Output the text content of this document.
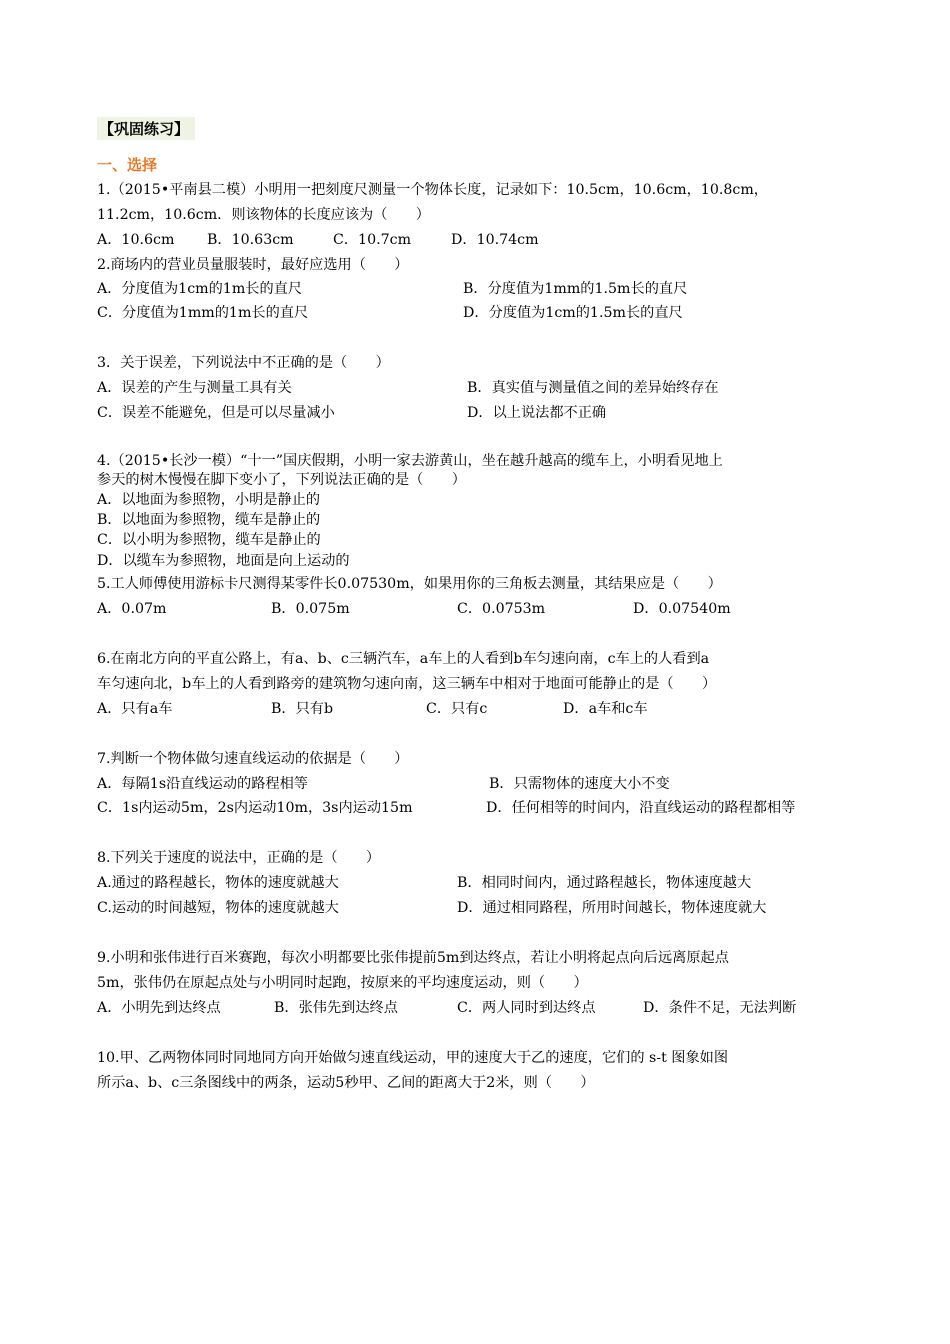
【巩固练习】
一、选择
1.（2015•平南县二模）小明用一把刻度尺测量一个物体长度，记录如下：10.5cm，10.6cm，10.8cm，
11.2cm，10.6cm．则该物体的长度应该为（　　）
A．10.6cm B．10.63cm	C．10.7cm	D．10.74cm
2.商场内的营业员量服装时，最好应选用（　　）
A．分度值为1cm的1m长的直尺	B．分度值为1mm的1.5m长的直尺
C．分度值为1mm的1m长的直尺	D．分度值为1cm的1.5m长的直尺
3．关于误差，下列说法中不正确的是（　　）
A．误差的产生与测量工具有关	B．真实值与测量值之间的差异始终存在
C．误差不能避免，但是可以尽量减小	D．以上说法都不正确
4.（2015•长沙一模）“十一”国庆假期，小明一家去游黄山，坐在越升越高的缆车上，小明看见地上
参天的树木慢慢在脚下变小了，下列说法正确的是（　　）
A．以地面为参照物，小明是静止的
B．以地面为参照物，缆车是静止的
C．以小明为参照物，缆车是静止的
D．以缆车为参照物，地面是向上运动的
5.工人师傅使用游标卡尺测得某零件长0.07530m，如果用你的三角板去测量，其结果应是（　　）
A．0.07m	B．0.075m	C．0.0753m	D．0.07540m
6.在南北方向的平直公路上，有a、b、c三辆汽车，a车上的人看到b车匀速向南，c车上的人看到a
车匀速向北，b车上的人看到路旁的建筑物匀速向南，这三辆车中相对于地面可能静止的是（　　）
A．只有a车	B．只有b	C．只有c	D．a车和c车
7.判断一个物体做匀速直线运动的依据是（　　）
A．每隔1s沿直线运动的路程相等	B．只需物体的速度大小不变
C．1s内运动5m，2s内运动10m，3s内运动15m	D．任何相等的时间内，沿直线运动的路程都相等
8.下列关于速度的说法中，正确的是（　　）
A.通过的路程越长，物体的速度就越大	B．相同时间内，通过路程越长，物体速度越大
C.运动的时间越短，物体的速度就越大	D．通过相同路程，所用时间越长，物体速度就大
9.小明和张伟进行百米赛跑，每次小明都要比张伟提前5m到达终点，若让小明将起点向后远离原起点
5m，张伟仍在原起点处与小明同时起跑，按原来的平均速度运动，则（　　）
A．小明先到达终点	B．张伟先到达终点	C．两人同时到达终点	D．条件不足，无法判断
10.甲、乙两物体同时同地同方向开始做匀速直线运动，甲的速度大于乙的速度，它们的 s-t 图象如图
所示a、b、c三条图线中的两条，运动5秒甲、乙间的距离大于2米，则（　　）
